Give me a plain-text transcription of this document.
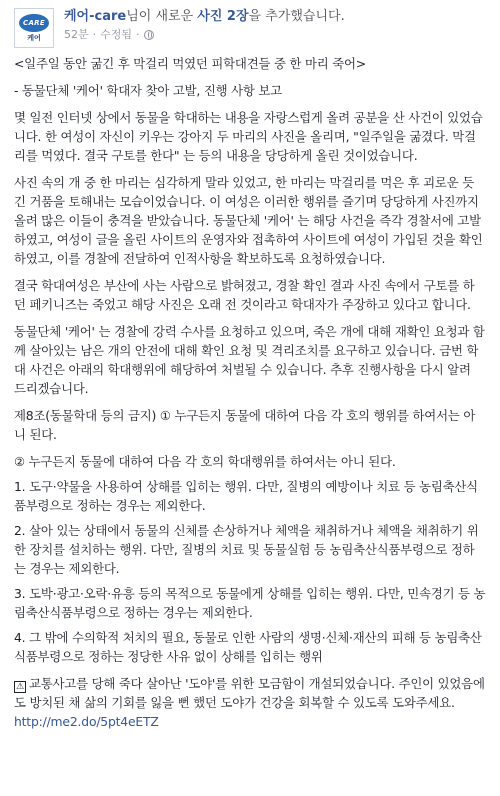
CARE
케어
케어-care님이 새로운 사진 2장을 추가했습니다.
52분 · 수정됨 ·

<일주일 동안 굶긴 후 막걸리 먹였던 피학대견들 중 한 마리 죽어>

- 동물단체 '케어' 학대자 찾아 고발, 진행 사항 보고

몇 일전 인터넷 상에서 동물을 학대하는 내용을 자랑스럽게 올려 공분을 산 사건이 있었습니다. 한 여성이 자신이 키우는 강아지 두 마리의 사진을 올리며, "일주일을 굶겼다. 막걸리를 먹였다. 결국 구토를 한다" 는 등의 내용을 당당하게 올린 것이었습니다.

사진 속의 개 중 한 마리는 심각하게 말라 있었고, 한 마리는 막걸리를 먹은 후 괴로운 듯 긴 거품을 토해내는 모습이었습니다. 이 여성은 이러한 행위를 즐기며 당당하게 사진까지 올려 많은 이들이 충격을 받았습니다. 동물단체 '케어' 는 해당 사건을 즉각 경찰서에 고발하였고, 여성이 글을 올린 사이트의 운영자와 접촉하여 사이트에 여성이 가입된 것을 확인하였고, 이를 경찰에 전달하여 인적사항을 확보하도록 요청하였습니다.

결국 학대여성은 부산에 사는 사람으로 밝혀졌고, 경찰 확인 결과 사진 속에서 구토를 하던 페키니즈는 죽었고 해당 사진은 오래 전 것이라고 학대자가 주장하고 있다고 합니다.

동물단체 '케어' 는 경찰에 강력 수사를 요청하고 있으며, 죽은 개에 대해 재확인 요청과 함께 살아있는 남은 개의 안전에 대해 확인 요청 및 격리조치를 요구하고 있습니다. 금번 학대 사건은 아래의 학대행위에 해당하여 처벌될 수 있습니다. 추후 진행사항을 다시 알려 드리겠습니다.

제8조(동물학대 등의 금지) ① 누구든지 동물에 대하여 다음 각 호의 행위를 하여서는 아니 된다.

② 누구든지 동물에 대하여 다음 각 호의 학대행위를 하여서는 아니 된다.

1. 도구·약물을 사용하여 상해를 입히는 행위. 다만, 질병의 예방이나 치료 등 농림축산식품부령으로 정하는 경우는 제외한다.

2. 살아 있는 상태에서 동물의 신체를 손상하거나 체액을 채취하거나 체액을 채취하기 위한 장치를 설치하는 행위. 다만, 질병의 치료 및 동물실험 등 농림축산식품부령으로 정하는 경우는 제외한다.

3. 도박·광고·오락·유흥 등의 목적으로 동물에게 상해를 입히는 행위. 다만, 민속경기 등 농림축산식품부령으로 정하는 경우는 제외한다.

4. 그 밖에 수의학적 처치의 필요, 동물로 인한 사람의 생명·신체·재산의 피해 등 농림축산식품부령으로 정하는 정당한 사유 없이 상해를 입히는 행위

⚠ 교통사고를 당해 죽다 살아난 '도야'를 위한 모금함이 개설되었습니다. 주인이 있었음에도 방치된 채 삶의 기회를 잃을 뻔 했던 도야가 건강을 회복할 수 있도록 도와주세요. http://me2.do/5pt4eETZ
